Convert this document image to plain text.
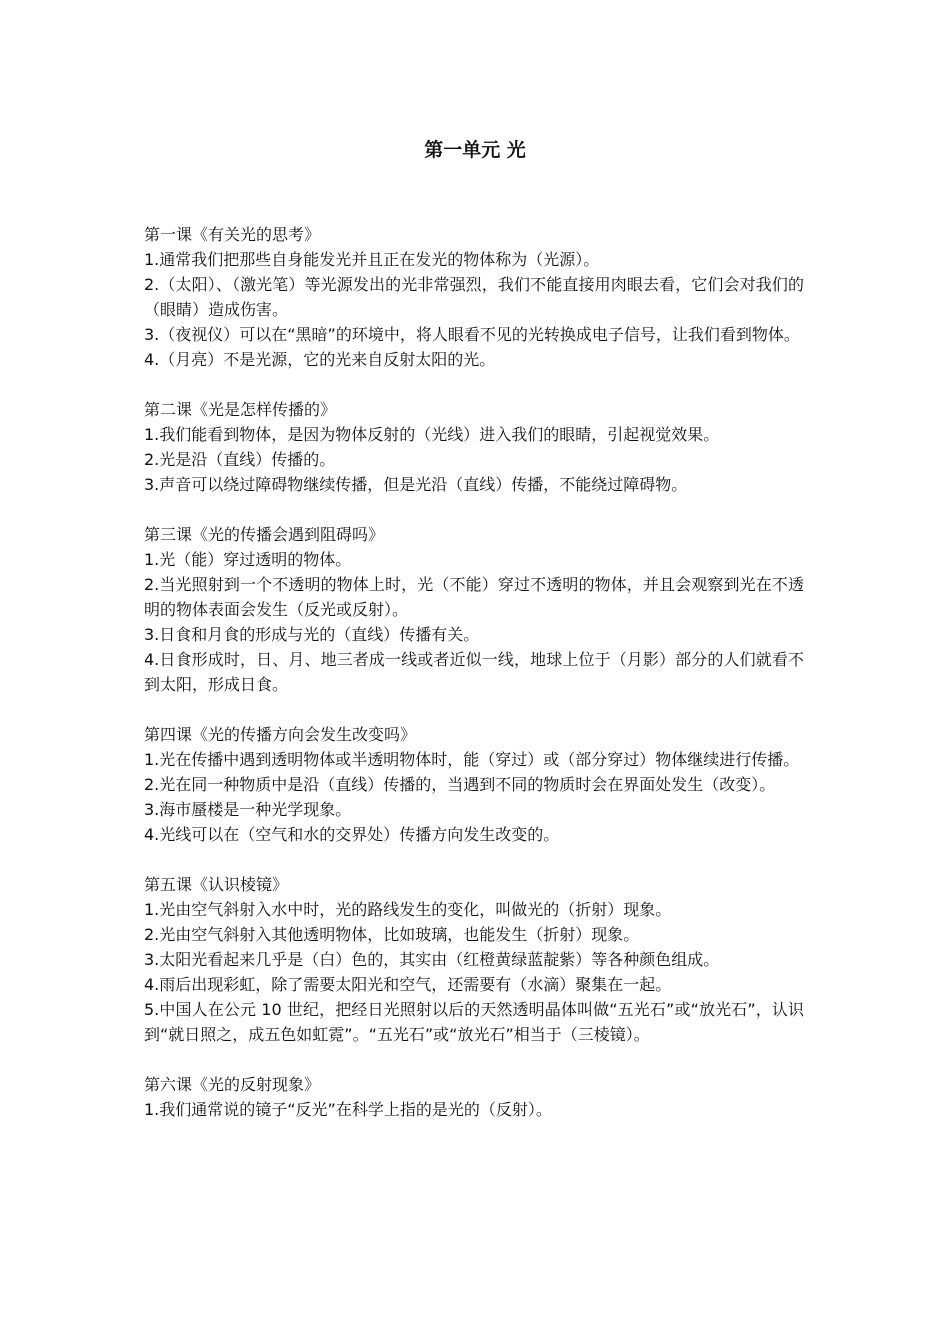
第一单元 光

第一课《有关光的思考》

1.通常我们把那些自身能发光并且正在发光的物体称为（光源）。

2.（太阳）、（激光笔）等光源发出的光非常强烈，我们不能直接用肉眼去看，它们会对我们的（眼睛）造成伤害。

3.（夜视仪）可以在“黑暗”的环境中，将人眼看不见的光转换成电子信号，让我们看到物体。

4.（月亮）不是光源，它的光来自反射太阳的光。

第二课《光是怎样传播的》

1.我们能看到物体，是因为物体反射的（光线）进入我们的眼睛，引起视觉效果。

2.光是沿（直线）传播的。

3.声音可以绕过障碍物继续传播，但是光沿（直线）传播，不能绕过障碍物。

第三课《光的传播会遇到阻碍吗》

1.光（能）穿过透明的物体。

2.当光照射到一个不透明的物体上时，光（不能）穿过不透明的物体，并且会观察到光在不透明的物体表面会发生（反光或反射）。

3.日食和月食的形成与光的（直线）传播有关。

4.日食形成时，日、月、地三者成一线或者近似一线，地球上位于（月影）部分的人们就看不到太阳，形成日食。

第四课《光的传播方向会发生改变吗》

1.光在传播中遇到透明物体或半透明物体时，能（穿过）或（部分穿过）物体继续进行传播。

2.光在同一种物质中是沿（直线）传播的，当遇到不同的物质时会在界面处发生（改变）。

3.海市蜃楼是一种光学现象。

4.光线可以在（空气和水的交界处）传播方向发生改变的。

第五课《认识棱镜》

1.光由空气斜射入水中时，光的路线发生的变化，叫做光的（折射）现象。

2.光由空气斜射入其他透明物体，比如玻璃，也能发生（折射）现象。

3.太阳光看起来几乎是（白）色的，其实由（红橙黄绿蓝靛紫）等各种颜色组成。

4.雨后出现彩虹，除了需要太阳光和空气，还需要有（水滴）聚集在一起。

5.中国人在公元 10 世纪，把经日光照射以后的天然透明晶体叫做“五光石”或“放光石”，认识到“就日照之，成五色如虹霓”。“五光石”或“放光石”相当于（三棱镜）。

第六课《光的反射现象》

1.我们通常说的镜子“反光”在科学上指的是光的（反射）。
